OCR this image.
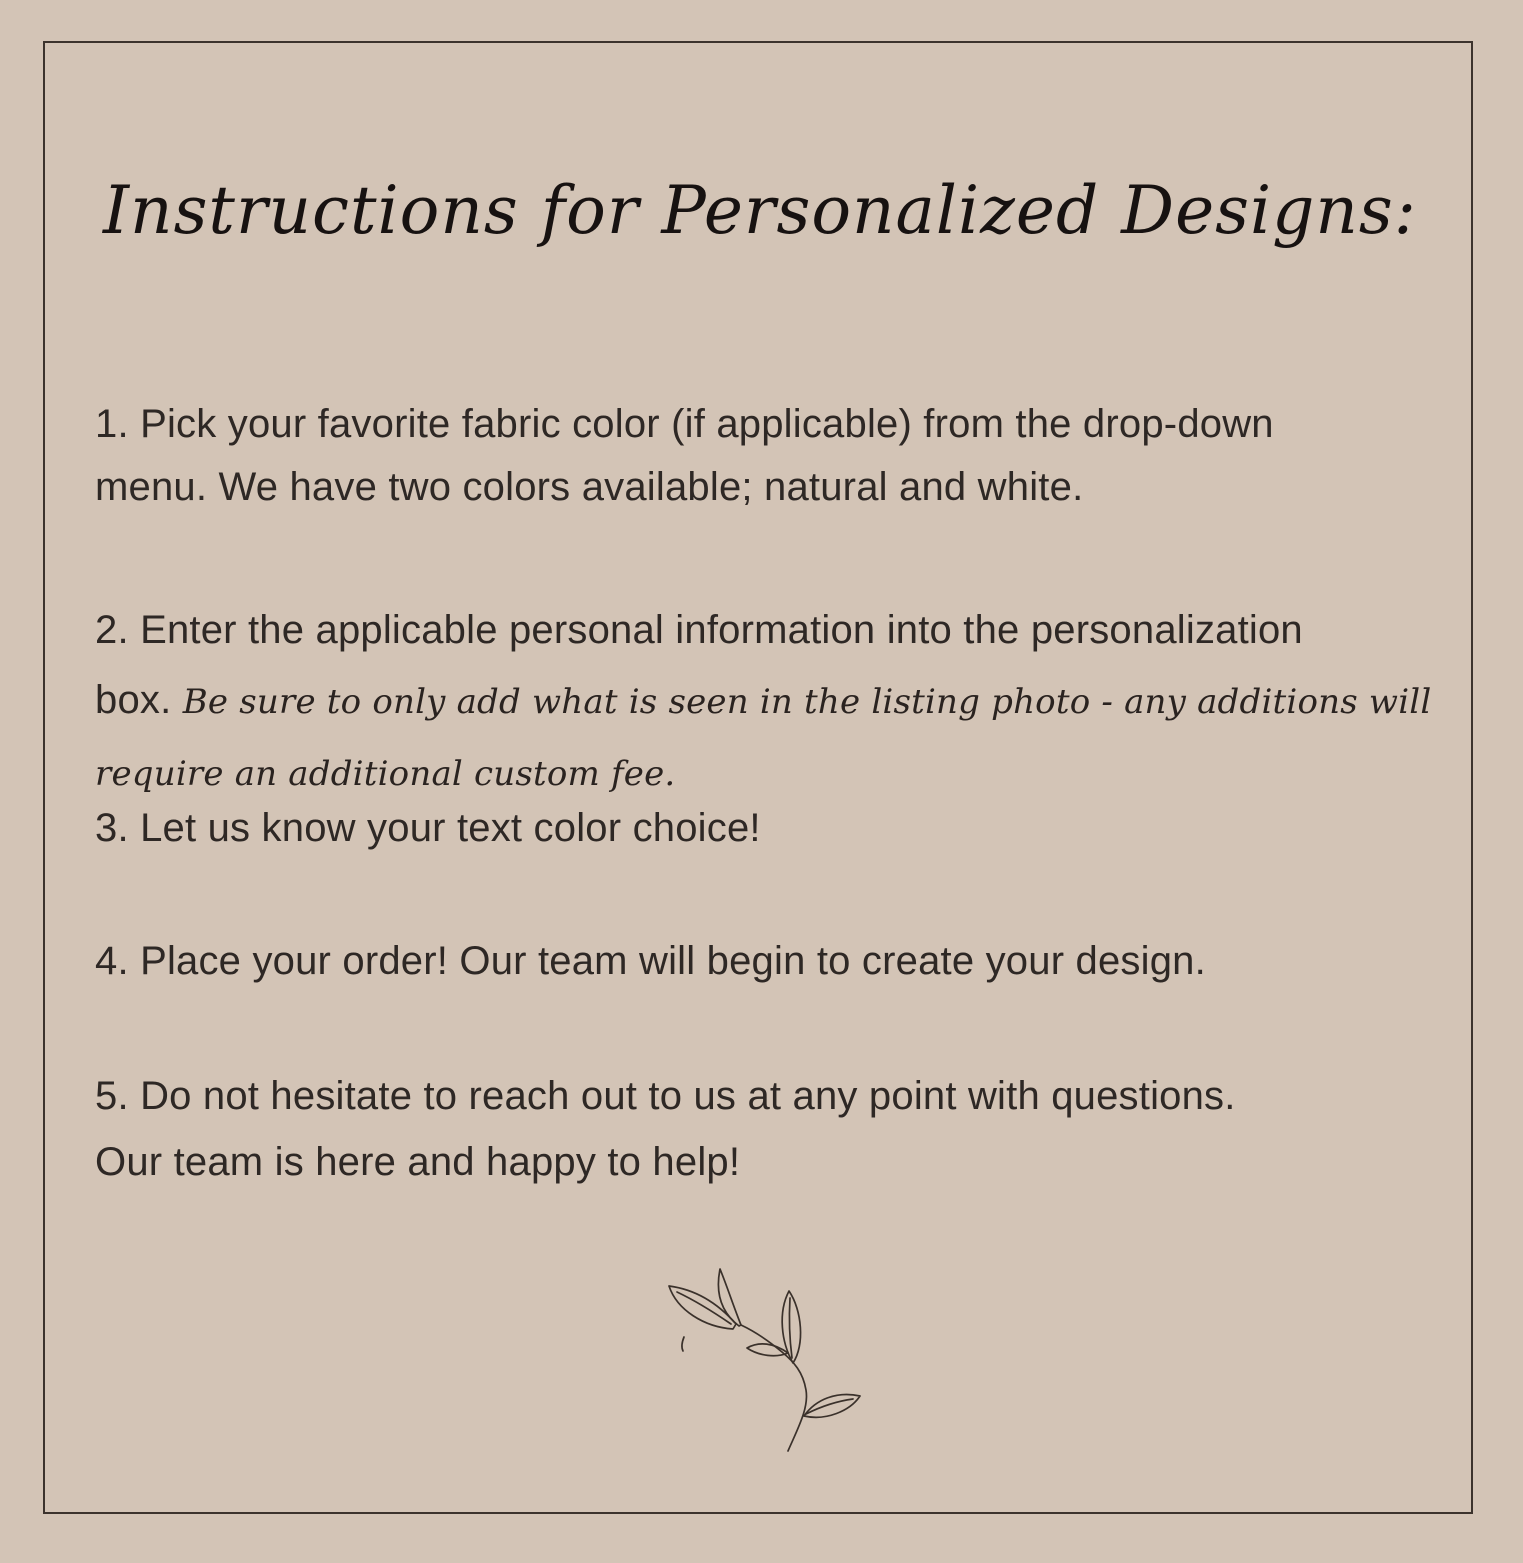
Instructions for Personalized Designs:
1. Pick your favorite fabric color (if applicable) from the drop-down
menu. We have two colors available; natural and white.
2. Enter the applicable personal information into the personalization
box. Be sure to only add what is seen in the listing photo - any additions will require an additional custom fee.
3. Let us know your text color choice!
4. Place your order! Our team will begin to create your design.
5. Do not hesitate to reach out to us at any point with questions.
Our team is here and happy to help!
